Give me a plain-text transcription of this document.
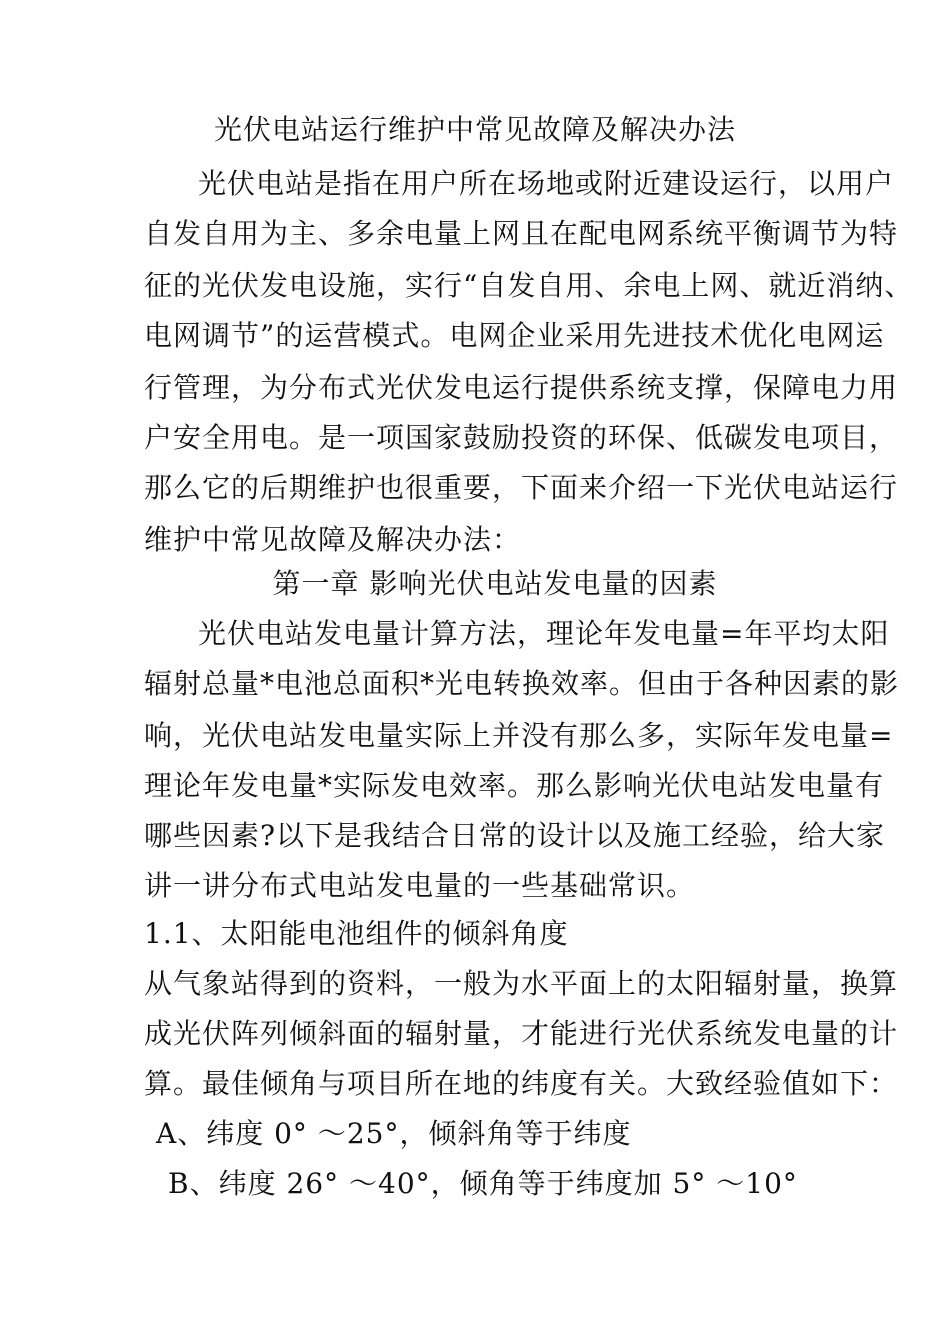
光伏电站运行维护中常见故障及解决办法
光伏电站是指在用户所在场地或附近建设运行，以用户
自发自用为主、多余电量上网且在配电网系统平衡调节为特
征的光伏发电设施，实行“自发自用、余电上网、就近消纳、
电网调节”的运营模式。电网企业采用先进技术优化电网运
行管理，为分布式光伏发电运行提供系统支撑，保障电力用
户安全用电。是一项国家鼓励投资的环保、低碳发电项目，
那么它的后期维护也很重要，下面来介绍一下光伏电站运行
维护中常见故障及解决办法：
第一章 影响光伏电站发电量的因素
光伏电站发电量计算方法，理论年发电量=年平均太阳
辐射总量*电池总面积*光电转换效率。但由于各种因素的影
响，光伏电站发电量实际上并没有那么多，实际年发电量=
理论年发电量*实际发电效率。那么影响光伏电站发电量有
哪些因素?以下是我结合日常的设计以及施工经验，给大家
讲一讲分布式电站发电量的一些基础常识。
1.1、太阳能电池组件的倾斜角度
从气象站得到的资料，一般为水平面上的太阳辐射量，换算
成光伏阵列倾斜面的辐射量，才能进行光伏系统发电量的计
算。最佳倾角与项目所在地的纬度有关。大致经验值如下：
A、纬度 0° ～25°，倾斜角等于纬度
B、纬度 26° ～40°，倾角等于纬度加 5° ～10°
